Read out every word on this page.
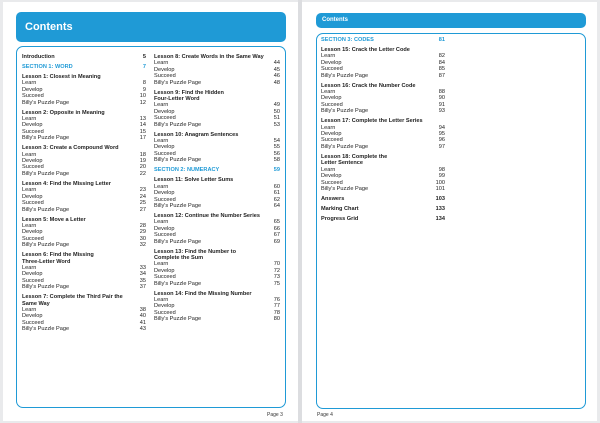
Contents
Introduction	5
SECTION 1: WORD	7
Lesson 1: Closest in Meaning
Learn	8
Develop	9
Succeed	10
Billy's Puzzle Page	12
Lesson 2: Opposite in Meaning
Learn	13
Develop	14
Succeed	15
Billy's Puzzle Page	17
Lesson 3: Create a Compound Word
Learn	18
Develop	19
Succeed	20
Billy's Puzzle Page	22
Lesson 4: Find the Missing Letter
Learn	23
Develop	24
Succeed	25
Billy's Puzzle Page	27
Lesson 5: Move a Letter
Learn	28
Develop	29
Succeed	30
Billy's Puzzle Page	32
Lesson 6: Find the Missing
Three-Letter Word
Learn	33
Develop	34
Succeed	35
Billy's Puzzle Page	37
Lesson 7: Complete the Third Pair the
Same Way
Learn	38
Develop	40
Succeed	41
Billy's Puzzle Page	43
Lesson 8: Create Words in the Same Way
Learn	44
Develop	45
Succeed	46
Billy's Puzzle Page	48
Lesson 9: Find the Hidden
Four-Letter Word
Learn	49
Develop	50
Succeed	51
Billy's Puzzle Page	53
Lesson 10: Anagram Sentences
Learn	54
Develop	55
Succeed	56
Billy's Puzzle Page	58
SECTION 2: NUMERACY	59
Lesson 11: Solve Letter Sums
Learn	60
Develop	61
Succeed	62
Billy's Puzzle Page	64
Lesson 12: Continue the Number Series
Learn	65
Develop	66
Succeed	67
Billy's Puzzle Page	69
Lesson 13: Find the Number to
Complete the Sum
Learn	70
Develop	72
Succeed	73
Billy's Puzzle Page	75
Lesson 14: Find the Missing Number
Learn	76
Develop	77
Succeed	78
Billy's Puzzle Page	80
Page 3
Contents
SECTION 3: CODES	81
Lesson 15: Crack the Letter Code
Learn	82
Develop	84
Succeed	85
Billy's Puzzle Page	87
Lesson 16: Crack the Number Code
Learn	88
Develop	90
Succeed	91
Billy's Puzzle Page	93
Lesson 17: Complete the Letter Series
Learn	94
Develop	95
Succeed	96
Billy's Puzzle Page	97
Lesson 18: Complete the
Letter Sentence
Learn	98
Develop	99
Succeed	100
Billy's Puzzle Page	101
Answers	103
Marking Chart	133
Progress Grid	134
Page 4
